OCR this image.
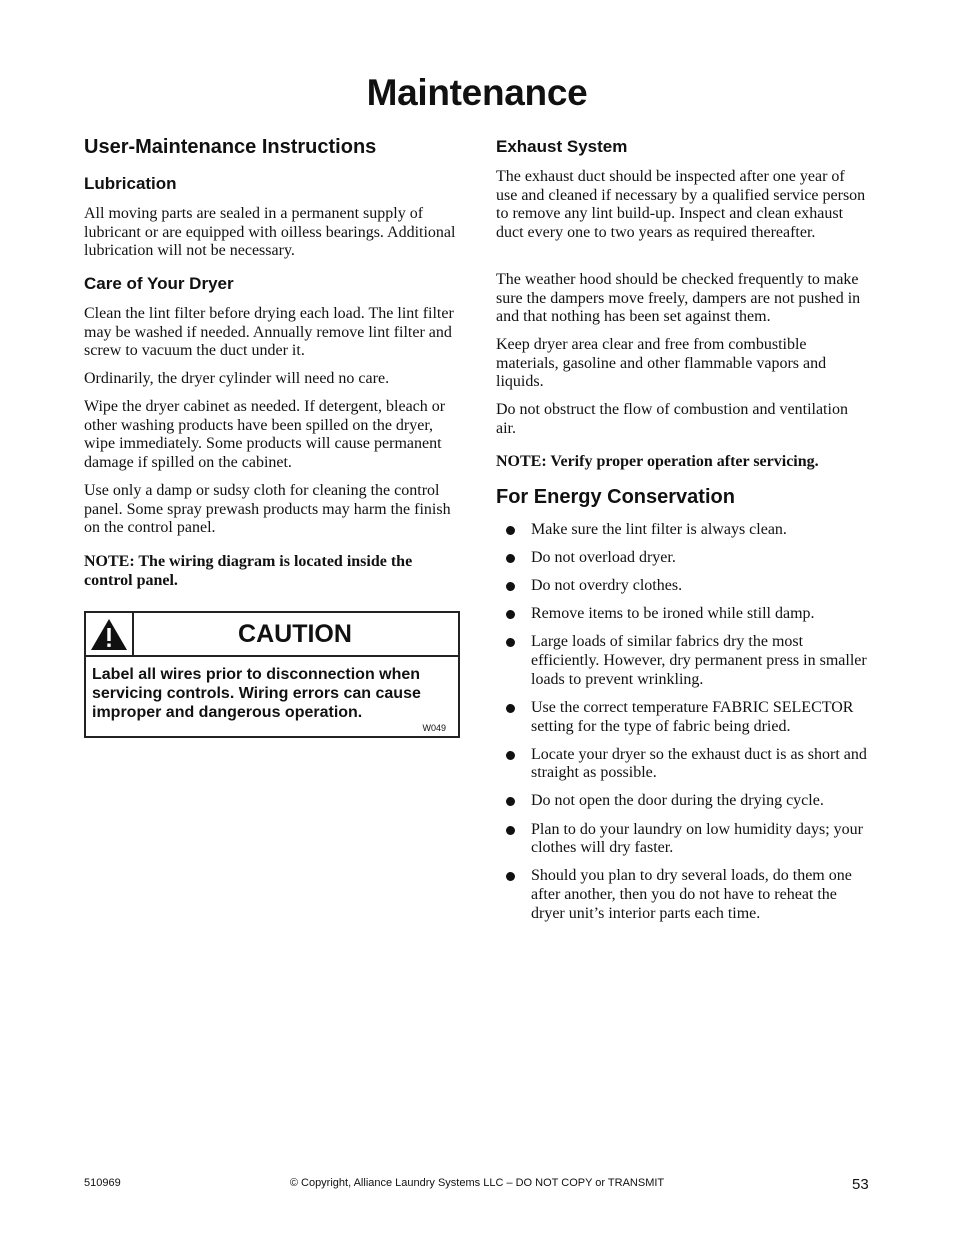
Maintenance
User-Maintenance Instructions
Lubrication
All moving parts are sealed in a permanent supply of lubricant or are equipped with oilless bearings. Additional lubrication will not be necessary.
Care of Your Dryer
Clean the lint filter before drying each load. The lint filter may be washed if needed. Annually remove lint filter and screw to vacuum the duct under it.
Ordinarily, the dryer cylinder will need no care.
Wipe the dryer cabinet as needed. If detergent, bleach or other washing products have been spilled on the dryer, wipe immediately. Some products will cause permanent damage if spilled on the cabinet.
Use only a damp or sudsy cloth for cleaning the control panel. Some spray prewash products may harm the finish on the control panel.
NOTE: The wiring diagram is located inside the control panel.
CAUTION
Label all wires prior to disconnection when servicing controls. Wiring errors can cause improper and dangerous operation.
W049
Exhaust System
The exhaust duct should be inspected after one year of use and cleaned if necessary by a qualified service person to remove any lint build-up. Inspect and clean exhaust duct every one to two years as required thereafter.
The weather hood should be checked frequently to make sure the dampers move freely, dampers are not pushed in and that nothing has been set against them.
Keep dryer area clear and free from combustible materials, gasoline and other flammable vapors and liquids.
Do not obstruct the flow of combustion and ventilation air.
NOTE: Verify proper operation after servicing.
For Energy Conservation
Make sure the lint filter is always clean.
Do not overload dryer.
Do not overdry clothes.
Remove items to be ironed while still damp.
Large loads of similar fabrics dry the most efficiently. However, dry permanent press in smaller loads to prevent wrinkling.
Use the correct temperature FABRIC SELECTOR setting for the type of fabric being dried.
Locate your dryer so the exhaust duct is as short and straight as possible.
Do not open the door during the drying cycle.
Plan to do your laundry on low humidity days; your clothes will dry faster.
Should you plan to dry several loads, do them one after another, then you do not have to reheat the dryer unit’s interior parts each time.
510969	© Copyright, Alliance Laundry Systems LLC – DO NOT COPY or TRANSMIT	53
